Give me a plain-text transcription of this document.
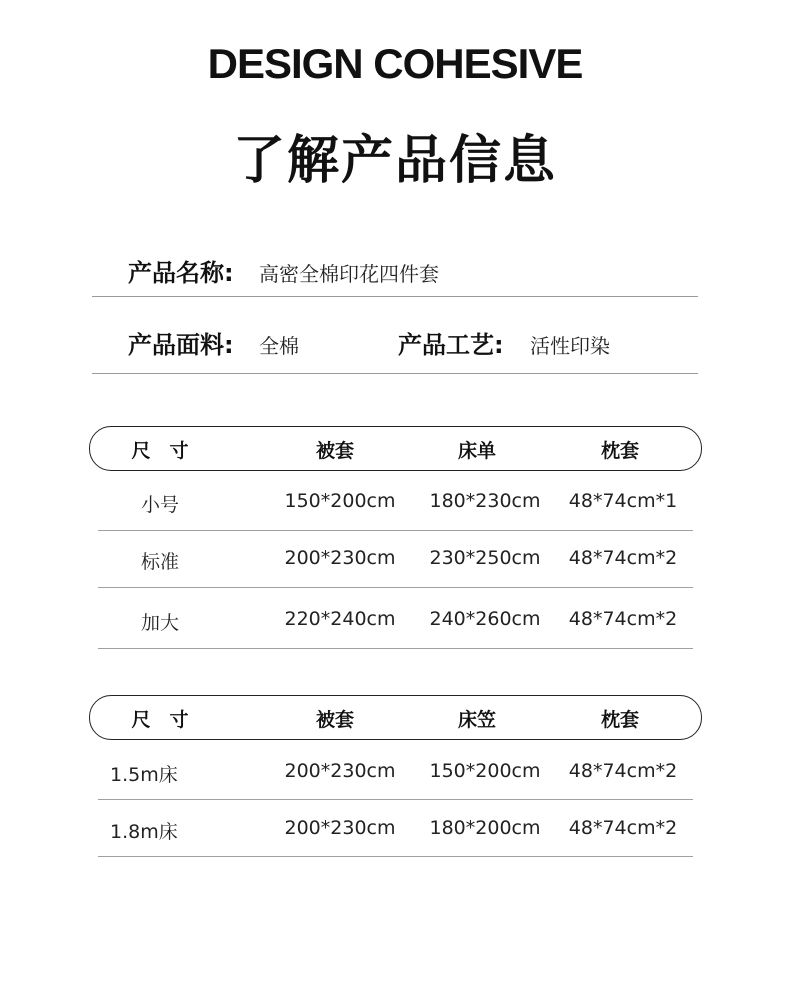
DESIGN COHESIVE
了解产品信息
产品名称: 高密全棉印花四件套
产品面料: 全棉	产品工艺: 活性印染
尺　寸	被套	床单	枕套
小号	150*200cm	180*230cm	48*74cm*1
标准	200*230cm	230*250cm	48*74cm*2
加大	220*240cm	240*260cm	48*74cm*2
尺　寸	被套	床笠	枕套
1.5m床	200*230cm	150*200cm	48*74cm*2
1.8m床	200*230cm	180*200cm	48*74cm*2
